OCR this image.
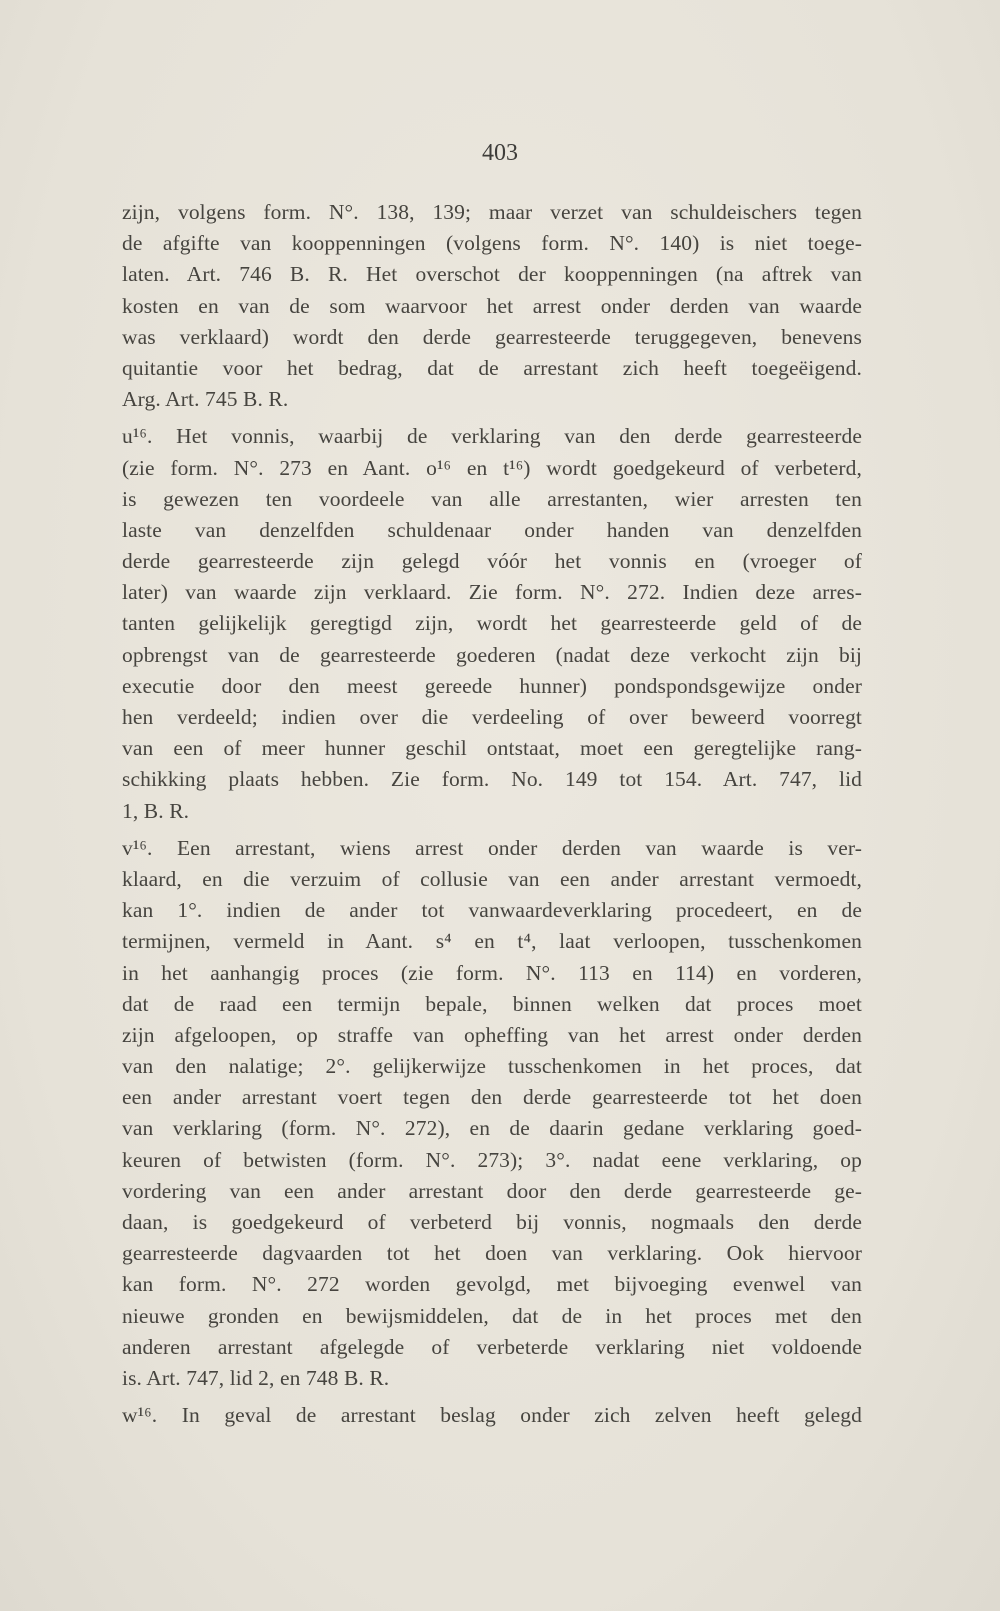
403
zijn, volgens form. N°. 138, 139; maar verzet van schuldeischers tegen
de afgifte van kooppenningen (volgens form. N°. 140) is niet toege-
laten. Art. 746 B. R. Het overschot der kooppenningen (na aftrek van
kosten en van de som waarvoor het arrest onder derden van waarde
was verklaard) wordt den derde gearresteerde teruggegeven, benevens
quitantie voor het bedrag, dat de arrestant zich heeft toegeëigend.
Arg. Art. 745 B. R.
u¹⁶. Het vonnis, waarbij de verklaring van den derde gearresteerde
(zie form. N°. 273 en Aant. o¹⁶ en t¹⁶) wordt goedgekeurd of verbeterd,
is gewezen ten voordeele van alle arrestanten, wier arresten ten
laste van denzelfden schuldenaar onder handen van denzelfden
derde gearresteerde zijn gelegd vóór het vonnis en (vroeger of
later) van waarde zijn verklaard. Zie form. N°. 272. Indien deze arres-
tanten gelijkelijk geregtigd zijn, wordt het gearresteerde geld of de
opbrengst van de gearresteerde goederen (nadat deze verkocht zijn bij
executie door den meest gereede hunner) pondspondsgewijze onder
hen verdeeld; indien over die verdeeling of over beweerd voorregt
van een of meer hunner geschil ontstaat, moet een geregtelijke rang-
schikking plaats hebben. Zie form. No. 149 tot 154. Art. 747, lid
1, B. R.
v¹⁶. Een arrestant, wiens arrest onder derden van waarde is ver-
klaard, en die verzuim of collusie van een ander arrestant vermoedt,
kan 1°. indien de ander tot vanwaardeverklaring procedeert, en de
termijnen, vermeld in Aant. s⁴ en t⁴, laat verloopen, tusschenkomen
in het aanhangig proces (zie form. N°. 113 en 114) en vorderen,
dat de raad een termijn bepale, binnen welken dat proces moet
zijn afgeloopen, op straffe van opheffing van het arrest onder derden
van den nalatige; 2°. gelijkerwijze tusschenkomen in het proces, dat
een ander arrestant voert tegen den derde gearresteerde tot het doen
van verklaring (form. N°. 272), en de daarin gedane verklaring goed-
keuren of betwisten (form. N°. 273); 3°. nadat eene verklaring, op
vordering van een ander arrestant door den derde gearresteerde ge-
daan, is goedgekeurd of verbeterd bij vonnis, nogmaals den derde
gearresteerde dagvaarden tot het doen van verklaring. Ook hiervoor
kan form. N°. 272 worden gevolgd, met bijvoeging evenwel van
nieuwe gronden en bewijsmiddelen, dat de in het proces met den
anderen arrestant afgelegde of verbeterde verklaring niet voldoende
is. Art. 747, lid 2, en 748 B. R.
w¹⁶. In geval de arrestant beslag onder zich zelven heeft gelegd
